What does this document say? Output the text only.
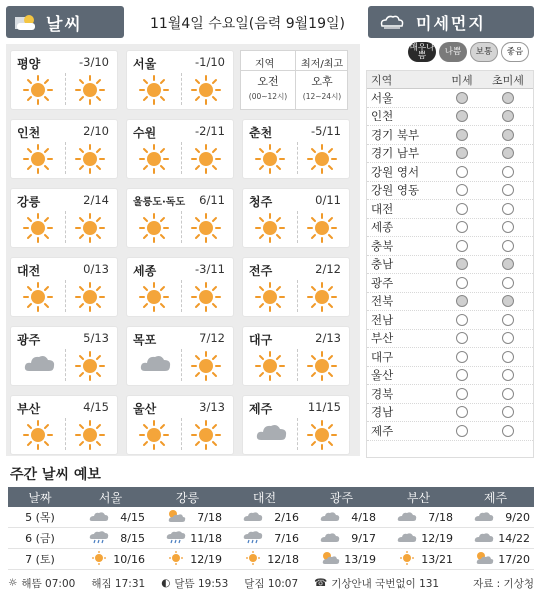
날씨	11월4일 수요일(음력 9월19일)	미세먼지
평양	-3/10 서울	-1/10
인천	2/10 수원	-2/11 춘천	-5/11
강릉	2/14 울릉도·독도 6/11 청주	0/11
대전	0/13 세종	-3/11 전주	2/12
광주	5/13 목포	7/12 대구	2/13
부산	4/15 울산	3/13 제주	11/15
지역	최저/최고
오전
(00~12시)
오후
(12~24시)
매우나쁨	나쁨	보통	좋음
지역	미세	초미세
서울
인천
경기 북부
경기 남부
강원 영서
강원 영동
대전
세종
충북
충남
광주
전북
전남
부산
대구
울산
경북
경남
제주
주간 날씨 예보
날짜	서울	강릉	대전	광주	부산	제주
5 (목)	4/15	7/18	2/16	4/18	7/18	9/20
6 (금)	8/15	11/18	7/16	9/17	12/19	14/22
7 (토)	10/16	12/19	12/18	13/19	13/21	17/20
☼ 해뜸 07:00 해짐 17:31 ◐ 달뜸 19:53 달짐 10:07 ☎ 기상안내 국번없이 131	자료 : 기상청
